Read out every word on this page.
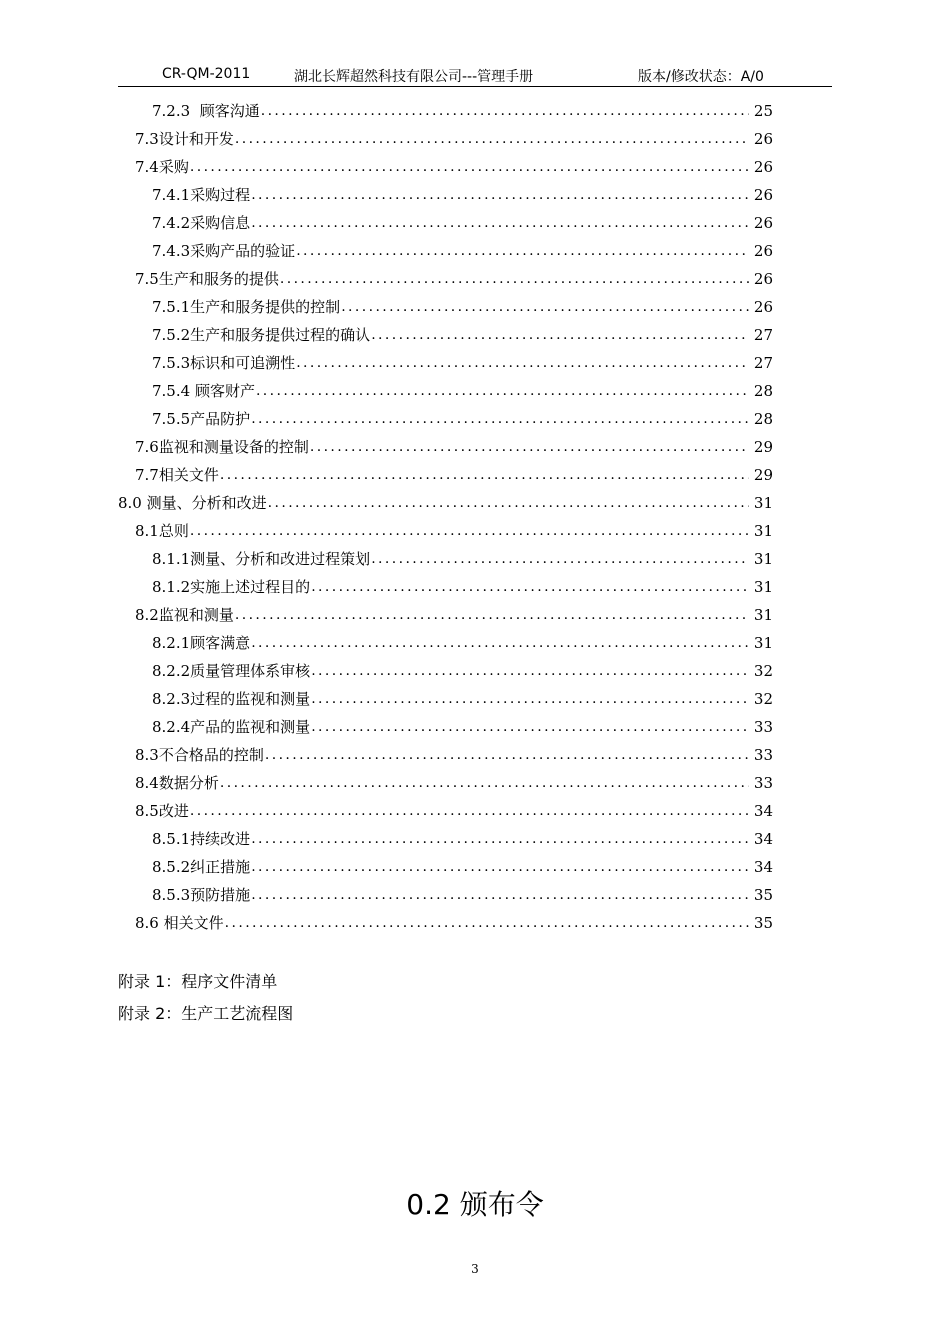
CR-QM-2011	湖北长辉超然科技有限公司---管理手册	版本/修改状态：A/0
7.2.3  顾客沟通 .....	25
7.3设计和开发 .....	26
7.4采购 .....	26
7.4.1采购过程 .....	26
7.4.2采购信息 .....	26
7.4.3采购产品的验证 .....	26
7.5生产和服务的提供 .....	26
7.5.1生产和服务提供的控制 .....	26
7.5.2生产和服务提供过程的确认 .....	27
7.5.3标识和可追溯性 .....	27
7.5.4 顾客财产 .....	28
7.5.5产品防护 .....	28
7.6监视和测量设备的控制 .....	29
7.7相关文件 .....	29
8.0 测量、分析和改进 .....	31
8.1总则 .....	31
8.1.1测量、分析和改进过程策划 .....	31
8.1.2实施上述过程目的 .....	31
8.2监视和测量 .....	31
8.2.1顾客满意 .....	31
8.2.2质量管理体系审核 .....	32
8.2.3过程的监视和测量 .....	32
8.2.4产品的监视和测量 .....	33
8.3不合格品的控制 .....	33
8.4数据分析 .....	33
8.5改进 .....	34
8.5.1持续改进 .....	34
8.5.2纠正措施 .....	34
8.5.3预防措施 .....	35
8.6 相关文件 .....	35
附录 1：程序文件清单
附录 2：生产工艺流程图
0.2 颁布令
3
